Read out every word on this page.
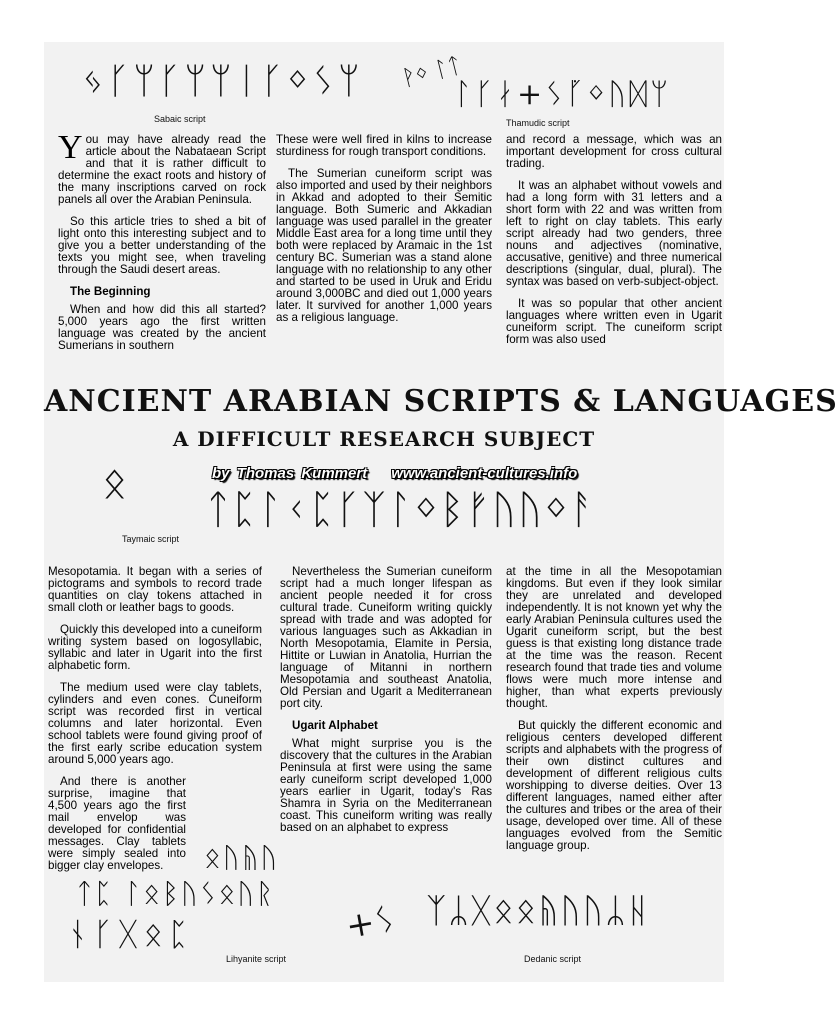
ᛃᚴᛘᚴᛘᛘᛁᚴᛜᛊᛘ
Sabaic script
ᚹᛜ ᛚᛏ
ᛚᚴᛅ+ᛊᚵᛜᚢᛞᛘ
Thamudic script

You may have already read the article about the Nabataean Script and that it is rather difficult to determine the exact roots and history of the many inscriptions carved on rock panels all over the Arabian Peninsula.

So this article tries to shed a bit of light onto this interesting subject and to give you a better understanding of the texts you might see, when traveling through the Saudi desert areas.

The Beginning

When and how did this all started? 5,000 years ago the first written language was created by the ancient Sumerians in southern

These were well fired in kilns to increase sturdiness for rough transport conditions.

The Sumerian cuneiform script was also imported and used by their neighbors in Akkad and adopted to their Semitic language. Both Sumeric and Akkadian language was used parallel in the greater Middle East area for a long time until they both were replaced by Aramaic in the 1st century BC. Sumerian was a stand alone language with no relationship to any other and started to be used in Uruk and Eridu around 3,000BC and died out 1,000 years later. It survived for another 1,000 years as a religious language.

and record a message, which was an important development for cross cultural trading.

It was an alphabet without vowels and had a long form with 31 letters and a short form with 22 and was written from left to right on clay tablets. This early script already had two genders, three nouns and adjectives (nominative, accusative, genitive) and three numerical descriptions (singular, dual, plural). The syntax was based on verb-subject-object.

It was so popular that other ancient languages where written even in Ugarit cuneiform script. The cuneiform script form was also used

ANCIENT ARABIAN SCRIPTS & LANGUAGES
A DIFFICULT RESEARCH SUBJECT
by Thomas Kummert www.ancient-cultures.info
ᛟ
ᛏᛈᛚᚲᛈᚴᛉᛚᛜᛒᚠᚢᚢᛜᚨ
Taymaic script

Mesopotamia. It began with a series of pictograms and symbols to record trade quantities on clay tokens attached in small cloth or leather bags to goods.

Quickly this developed into a cuneiform writing system based on logosyllabic, syllabic and later in Ugarit into the first alphabetic form.

The medium used were clay tablets, cylinders and even cones. Cuneiform script was recorded first in vertical columns and later horizontal. Even school tablets were found giving proof of the first early scribe education system around 5,000 years ago.

And there is another surprise, imagine that 4,500 years ago the first mail envelop was developed for confidential messages. Clay tablets were simply sealed into bigger clay envelopes.

Nevertheless the Sumerian cuneiform script had a much longer lifespan as ancient people needed it for cross cultural trade. Cuneiform writing quickly spread with trade and was adopted for various languages such as Akkadian in North Mesopotamia, Elamite in Persia, Hittite or Luwian in Anatolia, Hurrian the language of Mitanni in northern Mesopotamia and southeast Anatolia, Old Persian and Ugarit a Mediterranean port city.

Ugarit Alphabet

What might surprise you is the discovery that the cultures in the Arabian Peninsula at first were using the same early cuneiform script developed 1,000 years earlier in Ugarit, today's Ras Shamra in Syria on the Mediterranean coast. This cuneiform writing was really based on an alphabet to express

at the time in all the Mesopotamian kingdoms. But even if they look similar they are unrelated and developed independently. It is not known yet why the early Arabian Peninsula cultures used the Ugarit cuneiform script, but the best guess is that existing long distance trade at the time was the reason. Recent research found that trade ties and volume flows were much more intense and higher, than what experts previously thought.

But quickly the different economic and religious centers developed different scripts and alphabets with the progress of their own distinct cultures and development of different religious cults worshipping to diverse deities. Over 13 different languages, named either after the cultures and tribes or the area of their usage, developed over time. All of these languages evolved from the Semitic language group.

ᛟᚢᚥᚢ
ᛏᛈ ᛚᛟᛒᚢᛊᛟᚢᚱ
ᚾᚴᚷᛟᛈ
Lihyanite script
+ᛊ ᛉᛦᚷᛟᛟᚥᚢᚢᛦᚺ
Dedanic script
